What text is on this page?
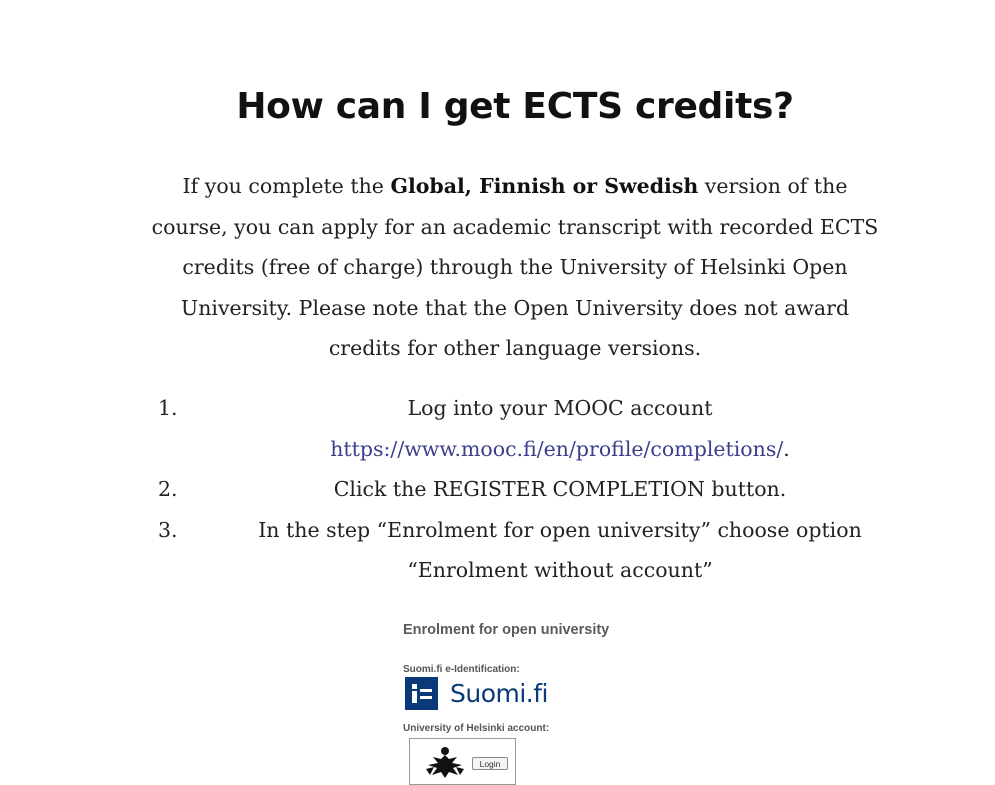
How can I get ECTS credits?

If you complete the Global, Finnish or Swedish version of the course, you can apply for an academic transcript with recorded ECTS credits (free of charge) through the University of Helsinki Open University. Please note that the Open University does not award credits for other language versions.

1.	Log into your MOOC account
https://www.mooc.fi/en/profile/completions/.
2.	Click the REGISTER COMPLETION button.
3.	In the step “Enrolment for open university” choose option “Enrolment without account”
Enrolment for open university
Suomi.fi e-Identification:
Suomi.fi
University of Helsinki account:
Login
